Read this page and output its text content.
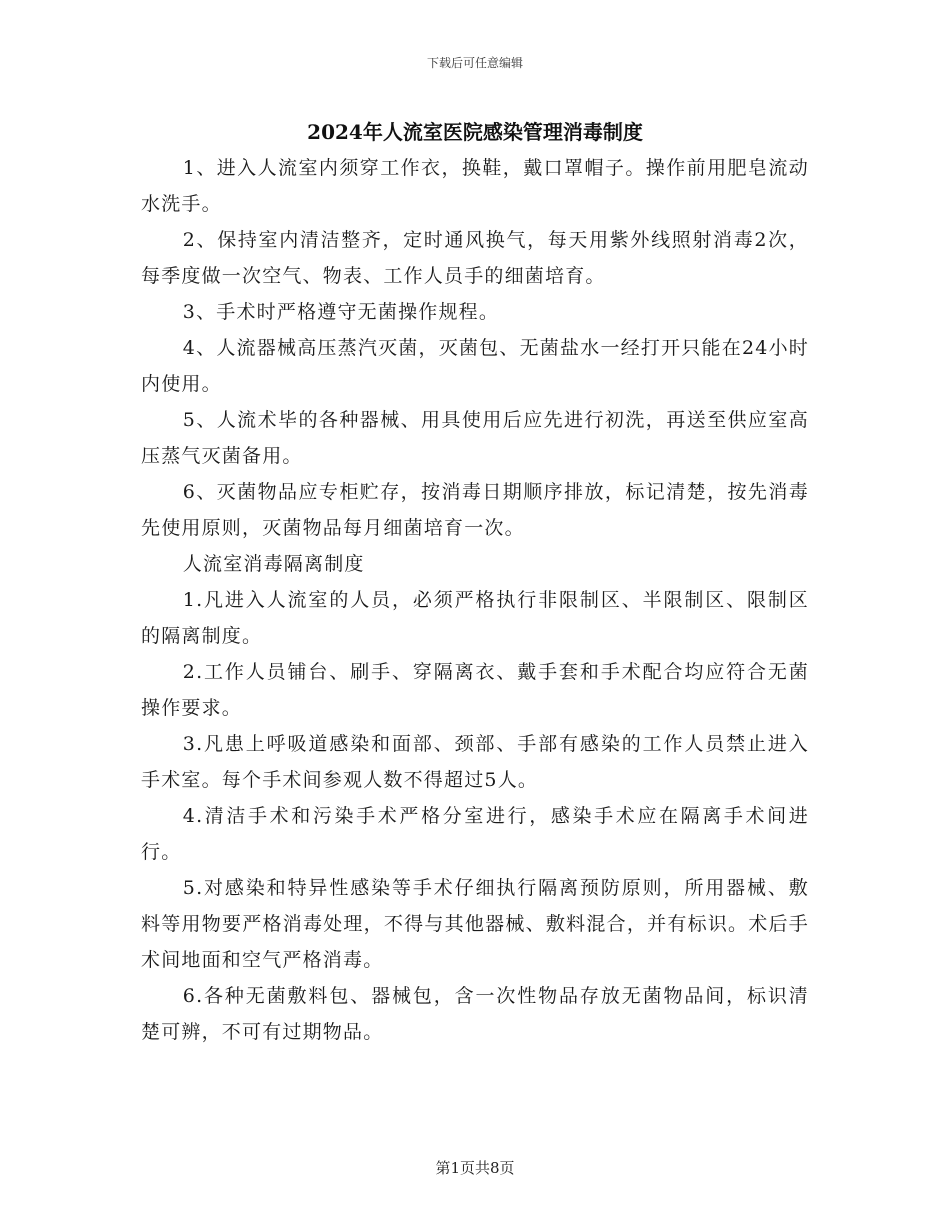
下载后可任意编辑
2024年人流室医院感染管理消毒制度

1、进入人流室内须穿工作衣，换鞋，戴口罩帽子。操作前用肥皂流动水洗手。

2、保持室内清洁整齐，定时通风换气，每天用紫外线照射消毒2次，每季度做一次空气、物表、工作人员手的细菌培育。

3、手术时严格遵守无菌操作规程。

4、人流器械高压蒸汽灭菌，灭菌包、无菌盐水一经打开只能在24小时内使用。

5、人流术毕的各种器械、用具使用后应先进行初洗，再送至供应室高压蒸气灭菌备用。

6、灭菌物品应专柜贮存，按消毒日期顺序排放，标记清楚，按先消毒先使用原则，灭菌物品每月细菌培育一次。

人流室消毒隔离制度

1.凡进入人流室的人员，必须严格执行非限制区、半限制区、限制区的隔离制度。

2.工作人员铺台、刷手、穿隔离衣、戴手套和手术配合均应符合无菌操作要求。

3.凡患上呼吸道感染和面部、颈部、手部有感染的工作人员禁止进入手术室。每个手术间参观人数不得超过5人。

4.清洁手术和污染手术严格分室进行，感染手术应在隔离手术间进行。

5.对感染和特异性感染等手术仔细执行隔离预防原则，所用器械、敷料等用物要严格消毒处理，不得与其他器械、敷料混合，并有标识。术后手术间地面和空气严格消毒。

6.各种无菌敷料包、器械包，含一次性物品存放无菌物品间，标识清楚可辨，不可有过期物品。

第1页共8页
